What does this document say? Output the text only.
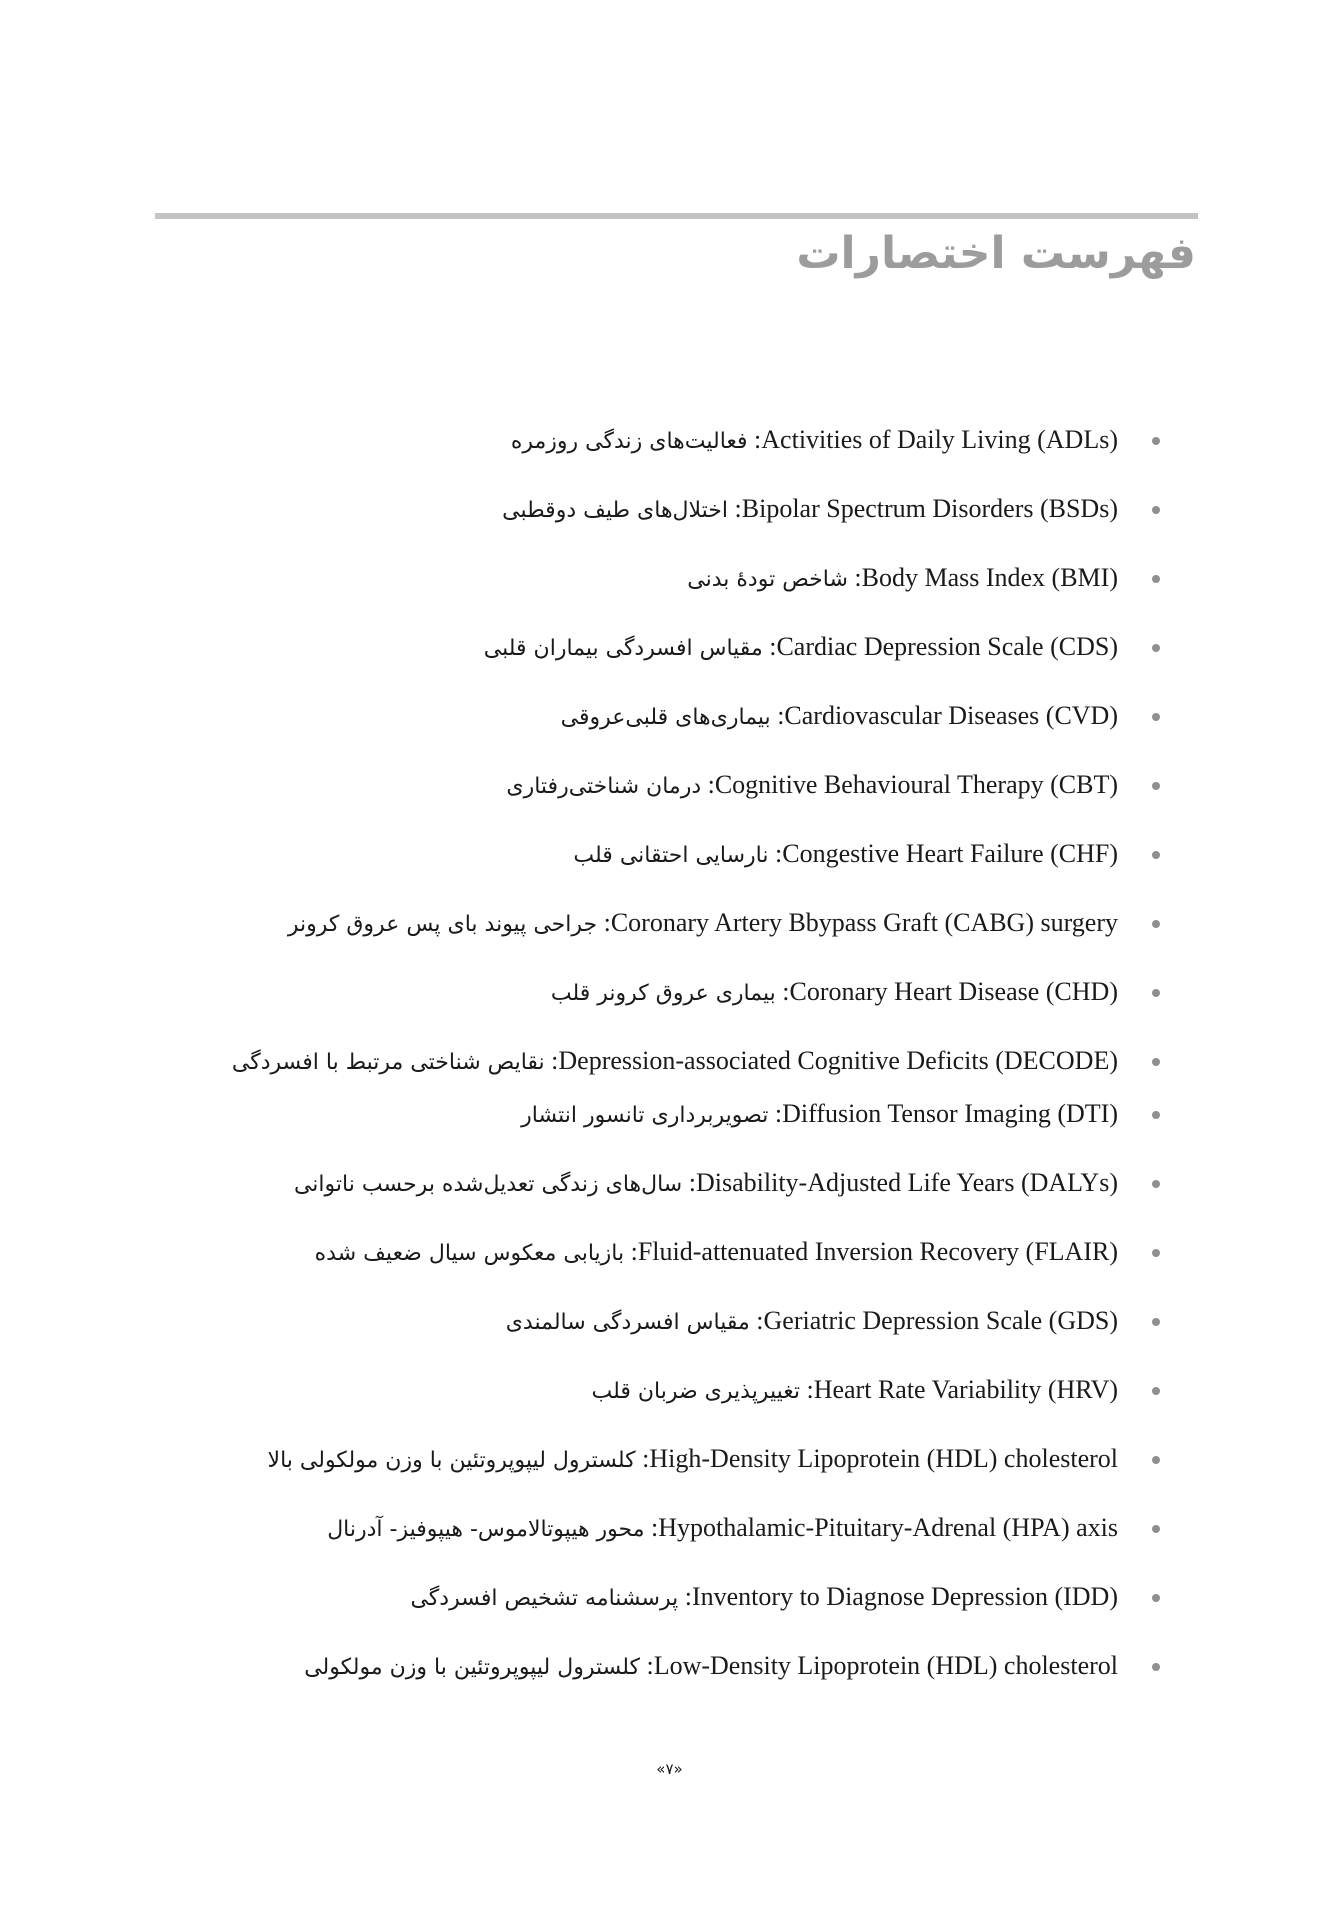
فهرست اختصارات
Activities of Daily Living (ADLs): فعالیت‌های زندگی روزمره
Bipolar Spectrum Disorders (BSDs): اختلال‌های طیف دوقطبی
Body Mass Index (BMI): شاخص تودهٔ بدنی
Cardiac Depression Scale (CDS): مقیاس افسردگی بیماران قلبی
Cardiovascular Diseases (CVD): بیماری‌های قلبی‌عروقی
Cognitive Behavioural Therapy (CBT): درمان شناختی‌رفتاری
Congestive Heart Failure (CHF): نارسایی احتقانی قلب
Coronary Artery Bbypass Graft (CABG) surgery: جراحی پیوند بای پس عروق کرونر
Coronary Heart Disease (CHD): بیماری عروق کرونر قلب
Depression-associated Cognitive Deficits (DECODE): نقایص شناختی مرتبط با افسردگی
Diffusion Tensor Imaging (DTI): تصویربرداری تانسور انتشار
Disability-Adjusted Life Years (DALYs): سال‌های زندگی تعدیل‌شده برحسب ناتوانی
Fluid-attenuated Inversion Recovery (FLAIR): بازیابی معکوس سیال ضعیف شده
Geriatric Depression Scale (GDS): مقیاس افسردگی سالمندی
Heart Rate Variability (HRV): تغییرپذیری ضربان قلب
High-Density Lipoprotein (HDL) cholesterol: کلسترول لیپوپروتئین با وزن مولکولی بالا
Hypothalamic-Pituitary-Adrenal (HPA) axis: محور هیپوتالاموس- هیپوفیز- آدرنال
Inventory to Diagnose Depression (IDD): پرسشنامه تشخیص افسردگی
Low-Density Lipoprotein (HDL) cholesterol: کلسترول لیپوپروتئین با وزن مولکولی
«۷»
